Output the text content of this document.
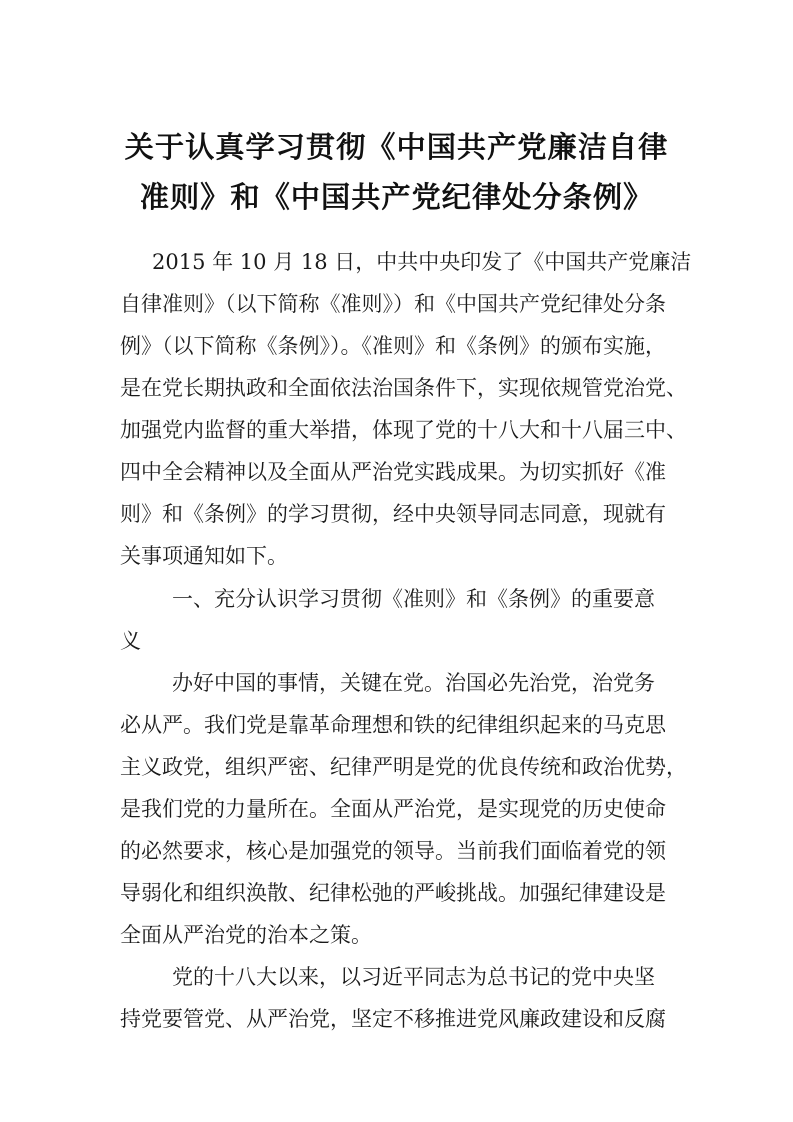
关于认真学习贯彻《中国共产党廉洁自律
准则》和《中国共产党纪律处分条例》
2015 年 10 月 18 日，中共中央印发了《中国共产党廉洁
自律准则》（以下简称《准则》）和《中国共产党纪律处分条
例》（以下简称《条例》）。《准则》和《条例》的颁布实施，
是在党长期执政和全面依法治国条件下，实现依规管党治党、
加强党内监督的重大举措，体现了党的十八大和十八届三中、
四中全会精神以及全面从严治党实践成果。为切实抓好《准
则》和《条例》的学习贯彻，经中央领导同志同意，现就有
关事项通知如下。
一、充分认识学习贯彻《准则》和《条例》的重要意
义
办好中国的事情，关键在党。治国必先治党，治党务
必从严。我们党是靠革命理想和铁的纪律组织起来的马克思
主义政党，组织严密、纪律严明是党的优良传统和政治优势，
是我们党的力量所在。全面从严治党，是实现党的历史使命
的必然要求，核心是加强党的领导。当前我们面临着党的领
导弱化和组织涣散、纪律松弛的严峻挑战。加强纪律建设是
全面从严治党的治本之策。
党的十八大以来，以习近平同志为总书记的党中央坚
持党要管党、从严治党，坚定不移推进党风廉政建设和反腐
